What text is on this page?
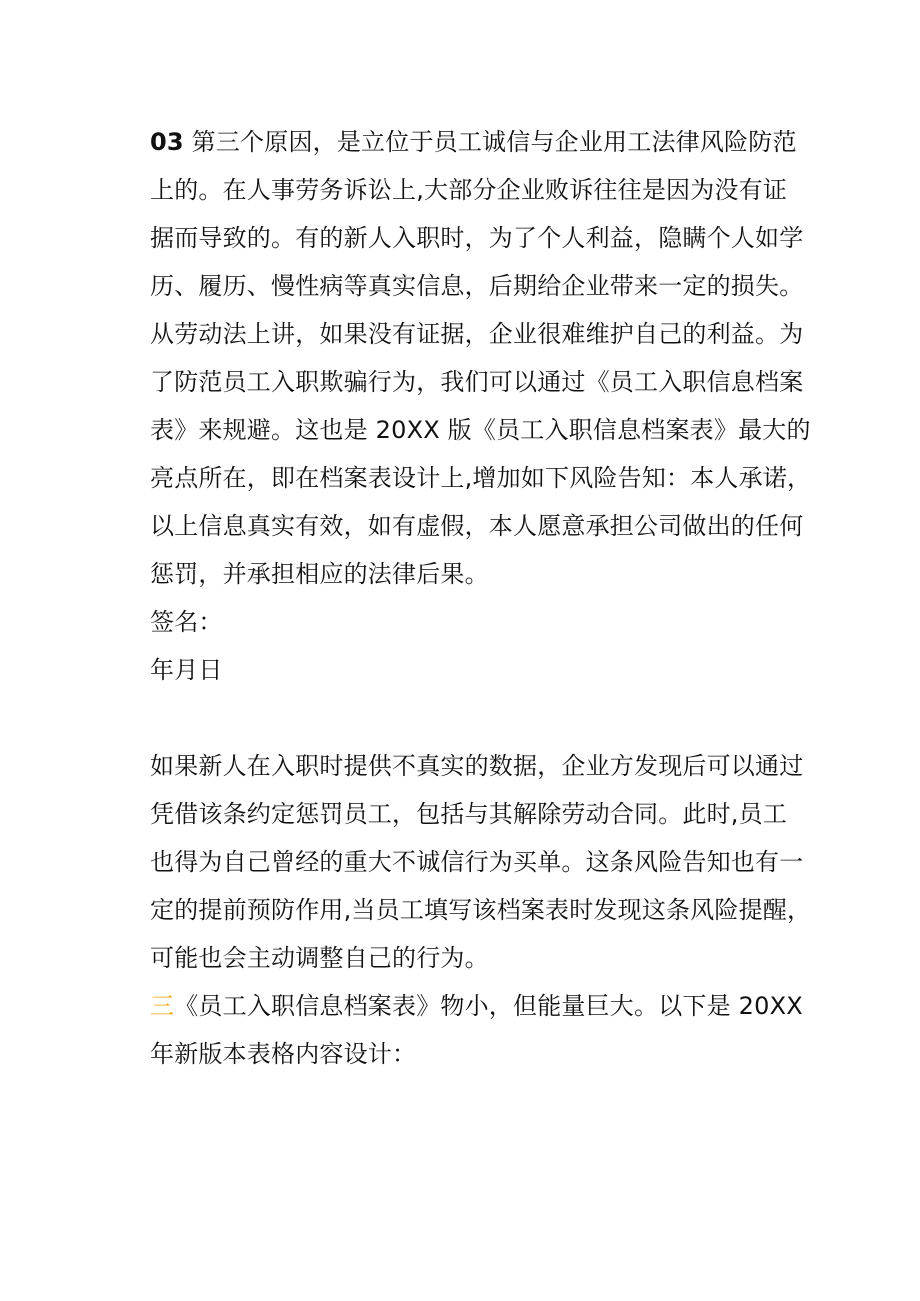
03 第三个原因，是立位于员工诚信与企业用工法律风险防范
上的。在人事劳务诉讼上,大部分企业败诉往往是因为没有证
据而导致的。有的新人入职时，为了个人利益，隐瞒个人如学
历、履历、慢性病等真实信息，后期给企业带来一定的损失。
从劳动法上讲，如果没有证据，企业很难维护自己的利益。为
了防范员工入职欺骗行为，我们可以通过《员工入职信息档案
表》来规避。这也是 20XX 版《员工入职信息档案表》最大的
亮点所在，即在档案表设计上,增加如下风险告知：本人承诺，
以上信息真实有效，如有虚假，本人愿意承担公司做出的任何
惩罚，并承担相应的法律后果。
签名：
年月日
如果新人在入职时提供不真实的数据，企业方发现后可以通过
凭借该条约定惩罚员工，包括与其解除劳动合同。此时,员工
也得为自己曾经的重大不诚信行为买单。这条风险告知也有一
定的提前预防作用,当员工填写该档案表时发现这条风险提醒，
可能也会主动调整自己的行为。
三《员工入职信息档案表》物小，但能量巨大。以下是 20XX
年新版本表格内容设计：
